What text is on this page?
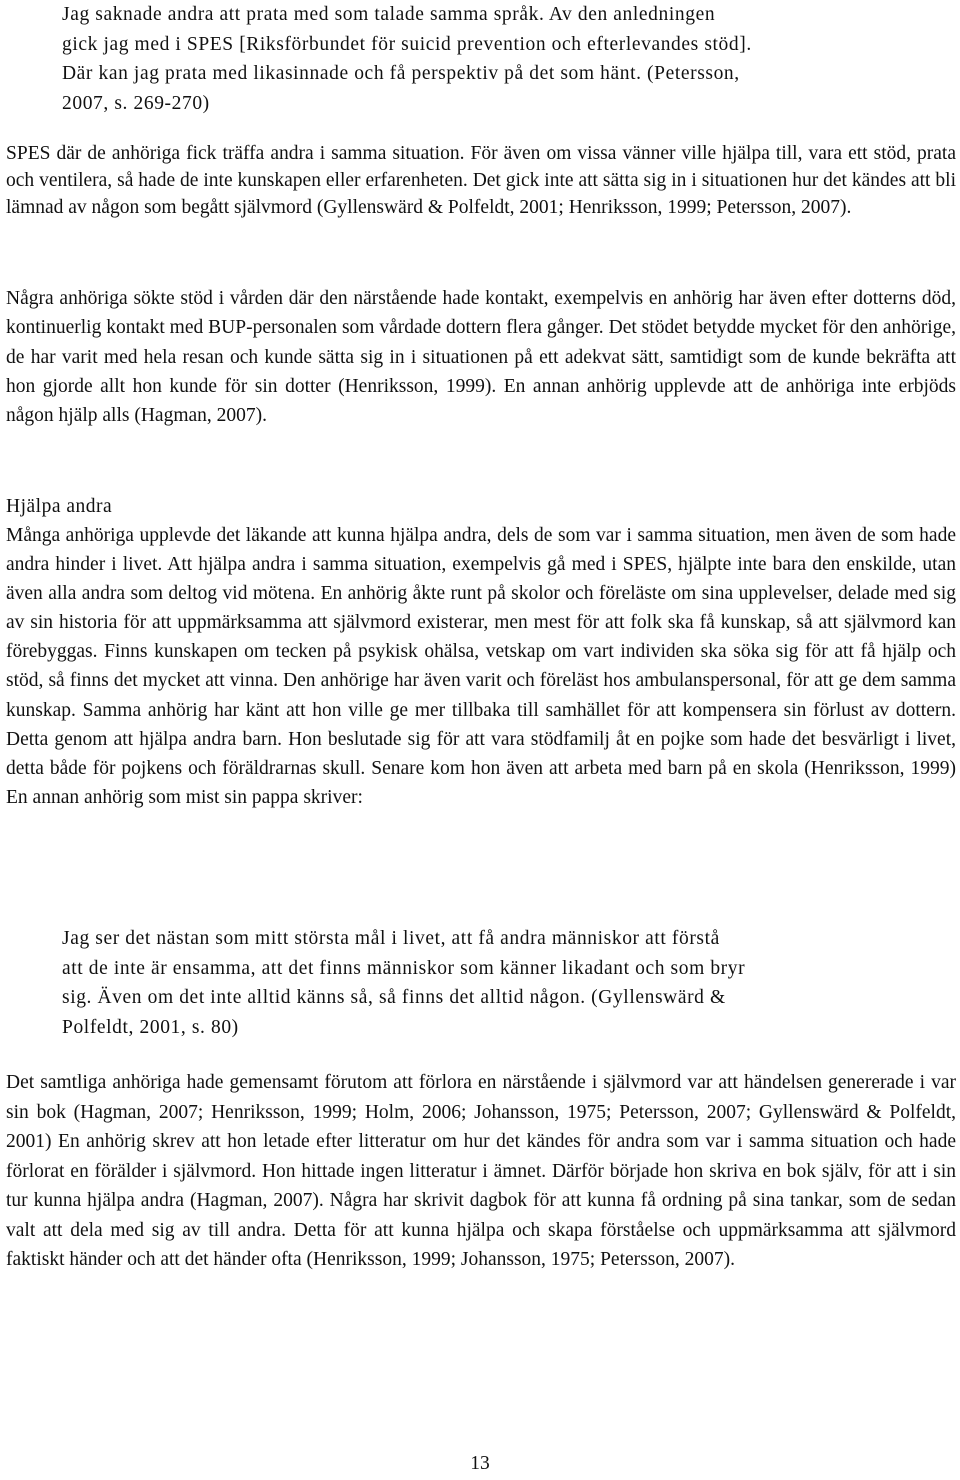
Jag saknade andra att prata med som talade samma språk. Av den anledningen
gick jag med i SPES [Riksförbundet för suicid prevention och efterlevandes stöd].
Där kan jag prata med likasinnade och få perspektiv på det som hänt. (Petersson,
2007, s. 269-270)

SPES där de anhöriga fick träffa andra i samma situation. För även om vissa vänner ville hjälpa till, vara ett stöd, prata och ventilera, så hade de inte kunskapen eller erfarenheten. Det gick inte att sätta sig in i situationen hur det kändes att bli lämnad av någon som begått självmord (Gyllenswärd & Polfeldt, 2001; Henriksson, 1999; Petersson, 2007).

Några anhöriga sökte stöd i vården där den närstående hade kontakt, exempelvis en anhörig har även efter dotterns död, kontinuerlig kontakt med BUP-personalen som vårdade dottern flera gånger. Det stödet betydde mycket för den anhörige, de har varit med hela resan och kunde sätta sig in i situationen på ett adekvat sätt, samtidigt som de kunde bekräfta att hon gjorde allt hon kunde för sin dotter (Henriksson, 1999). En annan anhörig upplevde att de anhöriga inte erbjöds någon hjälp alls (Hagman, 2007).

Hjälpa andra

Många anhöriga upplevde det läkande att kunna hjälpa andra, dels de som var i samma situation, men även de som hade andra hinder i livet. Att hjälpa andra i samma situation, exempelvis gå med i SPES, hjälpte inte bara den enskilde, utan även alla andra som deltog vid mötena. En anhörig åkte runt på skolor och föreläste om sina upplevelser, delade med sig av sin historia för att uppmärksamma att självmord existerar, men mest för att folk ska få kunskap, så att självmord kan förebyggas. Finns kunskapen om tecken på psykisk ohälsa, vetskap om vart individen ska söka sig för att få hjälp och stöd, så finns det mycket att vinna. Den anhörige har även varit och föreläst hos ambulanspersonal, för att ge dem samma kunskap. Samma anhörig har känt att hon ville ge mer tillbaka till samhället för att kompensera sin förlust av dottern. Detta genom att hjälpa andra barn. Hon beslutade sig för att vara stödfamilj åt en pojke som hade det besvärligt i livet, detta både för pojkens och föräldrarnas skull. Senare kom hon även att arbeta med barn på en skola (Henriksson, 1999) En annan anhörig som mist sin pappa skriver:

Jag ser det nästan som mitt största mål i livet, att få andra människor att förstå
att de inte är ensamma, att det finns människor som känner likadant och som bryr
sig. Även om det inte alltid känns så, så finns det alltid någon. (Gyllenswärd &
Polfeldt, 2001, s. 80)

Det samtliga anhöriga hade gemensamt förutom att förlora en närstående i självmord var att händelsen genererade i var sin bok (Hagman, 2007; Henriksson, 1999; Holm, 2006; Johansson, 1975; Petersson, 2007; Gyllenswärd & Polfeldt, 2001) En anhörig skrev att hon letade efter litteratur om hur det kändes för andra som var i samma situation och hade förlorat en förälder i självmord. Hon hittade ingen litteratur i ämnet. Därför började hon skriva en bok själv, för att i sin tur kunna hjälpa andra (Hagman, 2007). Några har skrivit dagbok för att kunna få ordning på sina tankar, som de sedan valt att dela med sig av till andra. Detta för att kunna hjälpa och skapa förståelse och uppmärksamma att självmord faktiskt händer och att det händer ofta (Henriksson, 1999; Johansson, 1975; Petersson, 2007).

13
